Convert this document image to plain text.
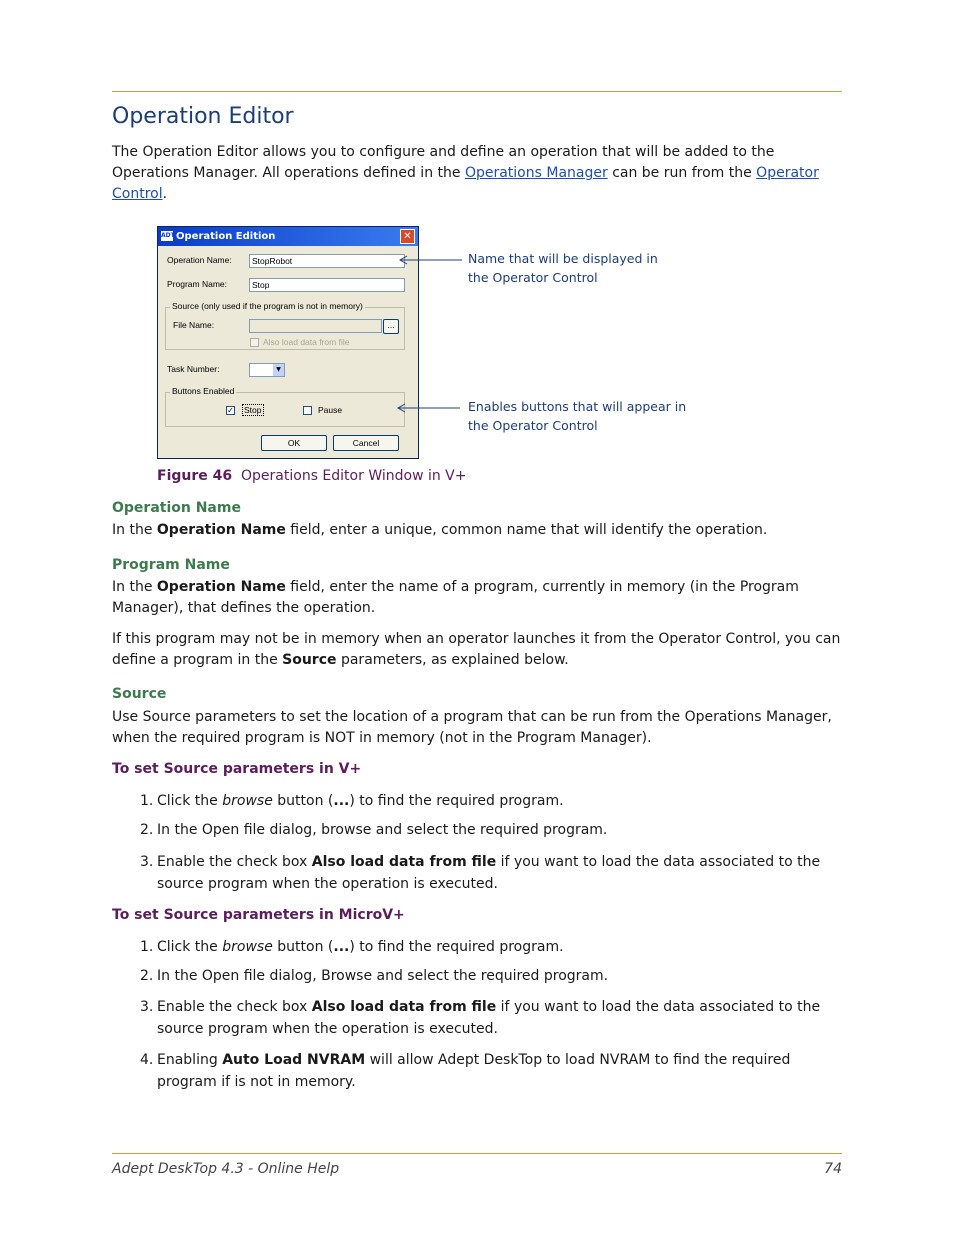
Operation Editor

The Operation Editor allows you to configure and define an operation that will be added to the Operations Manager. All operations defined in the Operations Manager can be run from the Operator Control.

ADT Operation Edition	✕
Operation Name:	StopRobot
Program Name:	Stop
Source (only used if the program is not in memory)
File Name:	...
Also load data from file
Task Number:	▼
Buttons Enabled
✓ Stop	Pause
OK	Cancel
Name that will be displayed in
the Operator Control
Enables buttons that will appear in
the Operator Control
Figure 46 Operations Editor Window in V+
Operation Name

In the Operation Name field, enter a unique, common name that will identify the operation.

Program Name

In the Operation Name field, enter the name of a program, currently in memory (in the Program Manager), that defines the operation.

If this program may not be in memory when an operator launches it from the Operator Control, you can define a program in the Source parameters, as explained below.

Source

Use Source parameters to set the location of a program that can be run from the Operations Manager, when the required program is NOT in memory (not in the Program Manager).

To set Source parameters in V+
1. Click the browse button (...) to find the required program.
2. In the Open file dialog, browse and select the required program.
3. Enable the check box Also load data from file if you want to load the data associated to the source program when the operation is executed.
To set Source parameters in MicroV+
1. Click the browse button (...) to find the required program.
2. In the Open file dialog, Browse and select the required program.
3. Enable the check box Also load data from file if you want to load the data associated to the source program when the operation is executed.
4. Enabling Auto Load NVRAM will allow Adept DeskTop to load NVRAM to find the required program if is not in memory.
Adept DeskTop 4.3 - Online Help	74
